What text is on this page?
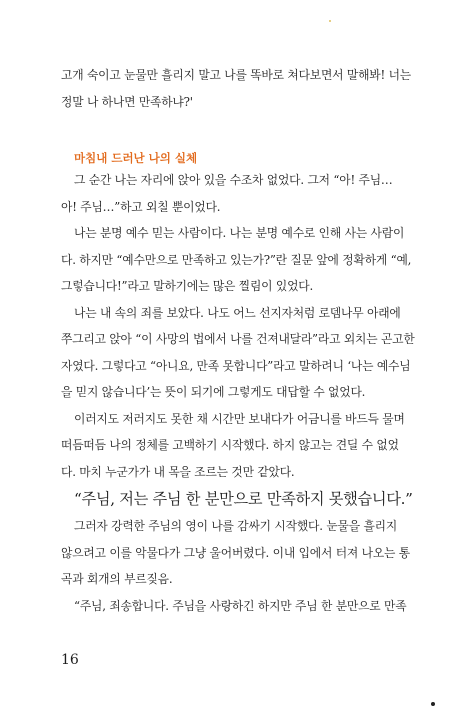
고개 숙이고 눈물만 흘리지 말고 나를 똑바로 쳐다보면서 말해봐! 너는

정말 나 하나면 만족하냐?'

마침내 드러난 나의 실체

그 순간 나는 자리에 앉아 있을 수조차 없었다. 그저 “아! 주님…

아! 주님…”하고 외칠 뿐이었다.

나는 분명 예수 믿는 사람이다. 나는 분명 예수로 인해 사는 사람이

다. 하지만 “예수만으로 만족하고 있는가?”란 질문 앞에 정확하게 “예,

그렇습니다!”라고 말하기에는 많은 찔림이 있었다.

나는 내 속의 죄를 보았다. 나도 어느 선지자처럼 로뎀나무 아래에

쭈그리고 앉아 “이 사망의 법에서 나를 건져내달라”라고 외치는 곤고한

자였다. 그렇다고 “아니요, 만족 못합니다”라고 말하려니 ‘나는 예수님

을 믿지 않습니다’는 뜻이 되기에 그렇게도 대답할 수 없었다.

이러지도 저러지도 못한 채 시간만 보내다가 어금니를 바드득 물며

떠듬떠듬 나의 정체를 고백하기 시작했다. 하지 않고는 견딜 수 없었

다. 마치 누군가가 내 목을 조르는 것만 같았다.

“주님, 저는 주님 한 분만으로 만족하지 못했습니다.”

그러자 강력한 주님의 영이 나를 감싸기 시작했다. 눈물을 흘리지

않으려고 이를 악물다가 그냥 울어버렸다. 이내 입에서 터져 나오는 통

곡과 회개의 부르짖음.

“주님, 죄송합니다. 주님을 사랑하긴 하지만 주님 한 분만으로 만족

16
